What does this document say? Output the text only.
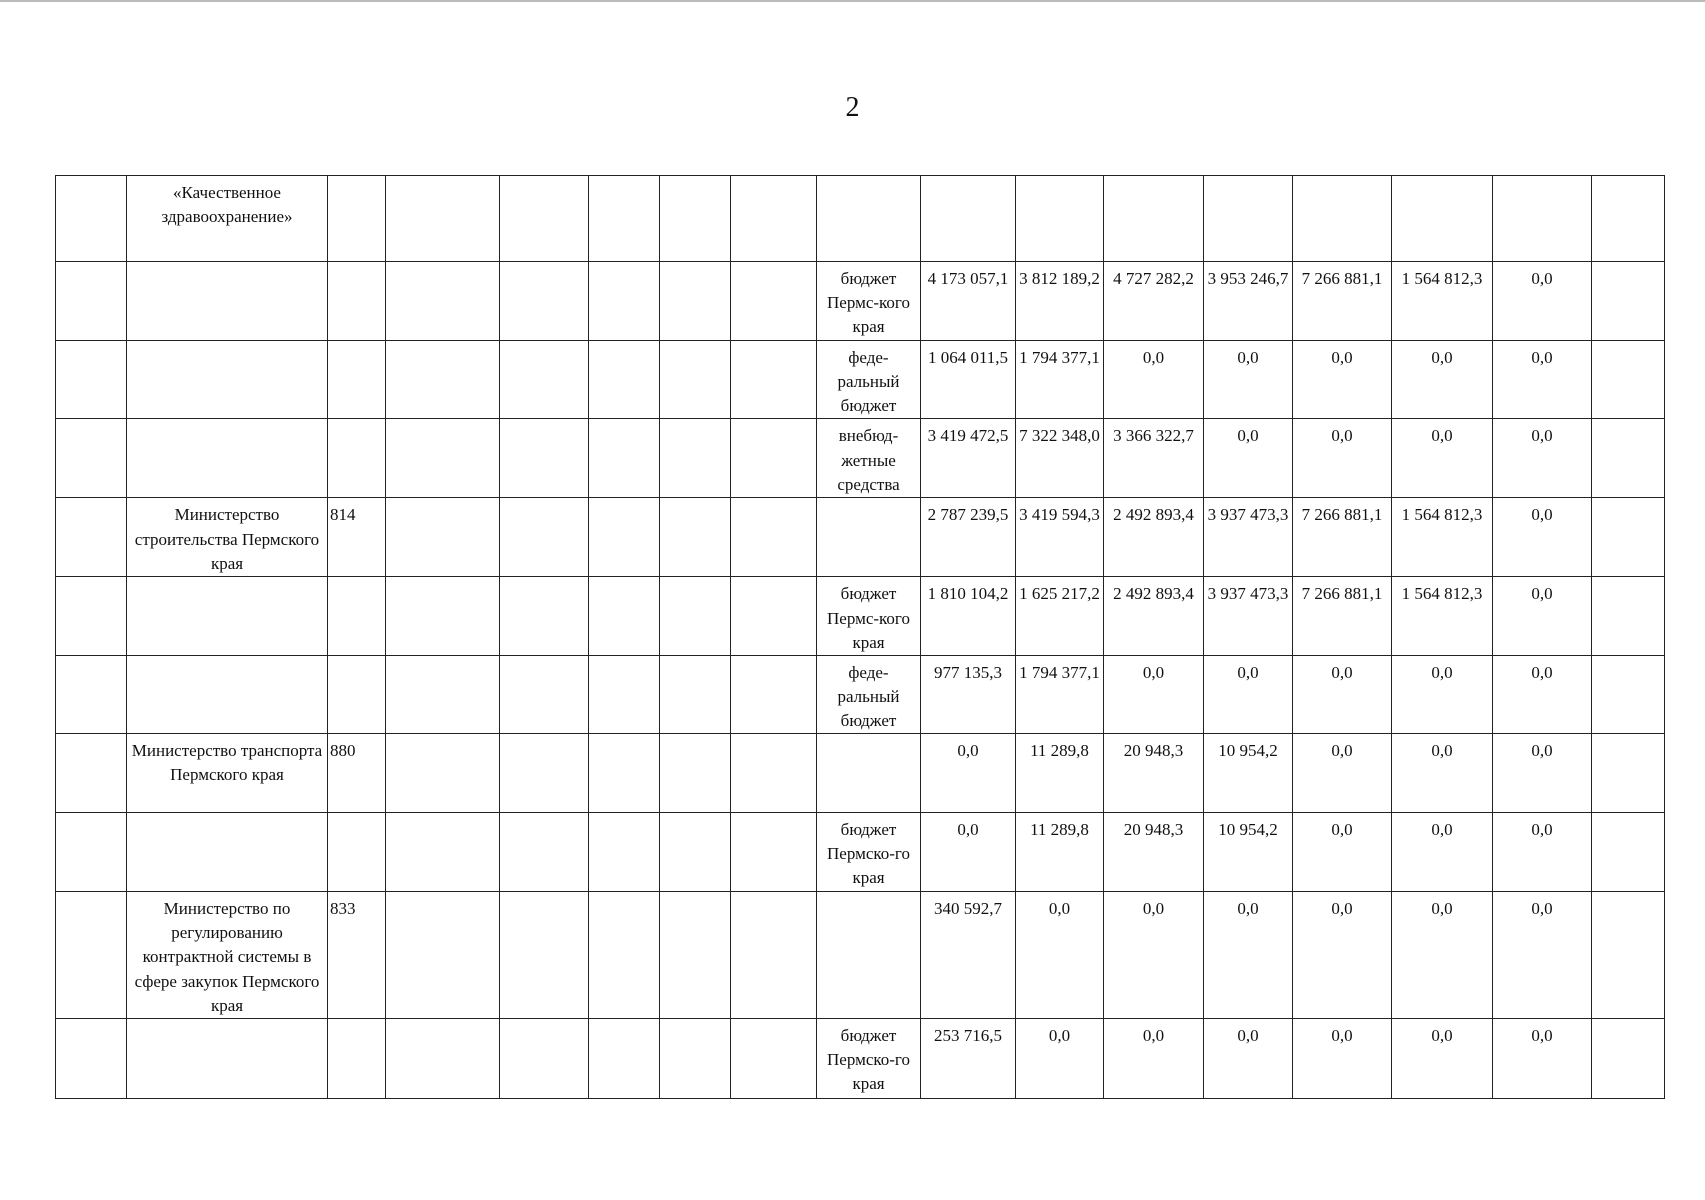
2
	«Качественное здравоохранение»															
								бюджет Пермс-кого края	4 173 057,1	3 812 189,2	4 727 282,2	3 953 246,7	7 266 881,1	1 564 812,3	0,0	
								феде-ральный бюджет	1 064 011,5	1 794 377,1	0,0	0,0	0,0	0,0	0,0	
								внебюд-жетные средства	3 419 472,5	7 322 348,0	3 366 322,7	0,0	0,0	0,0	0,0	
	Министерство строительства Пермского края	814							2 787 239,5	3 419 594,3	2 492 893,4	3 937 473,3	7 266 881,1	1 564 812,3	0,0	
								бюджет Пермс-кого края	1 810 104,2	1 625 217,2	2 492 893,4	3 937 473,3	7 266 881,1	1 564 812,3	0,0	
								феде-ральный бюджет	977 135,3	1 794 377,1	0,0	0,0	0,0	0,0	0,0	
	Министерство транспорта Пермского края	880							0,0	11 289,8	20 948,3	10 954,2	0,0	0,0	0,0	
								бюджет Пермско-го края	0,0	11 289,8	20 948,3	10 954,2	0,0	0,0	0,0	
	Министерство по регулированию контрактной системы в сфере закупок Пермского края	833							340 592,7	0,0	0,0	0,0	0,0	0,0	0,0	
								бюджет Пермско-го края	253 716,5	0,0	0,0	0,0	0,0	0,0	0,0	
